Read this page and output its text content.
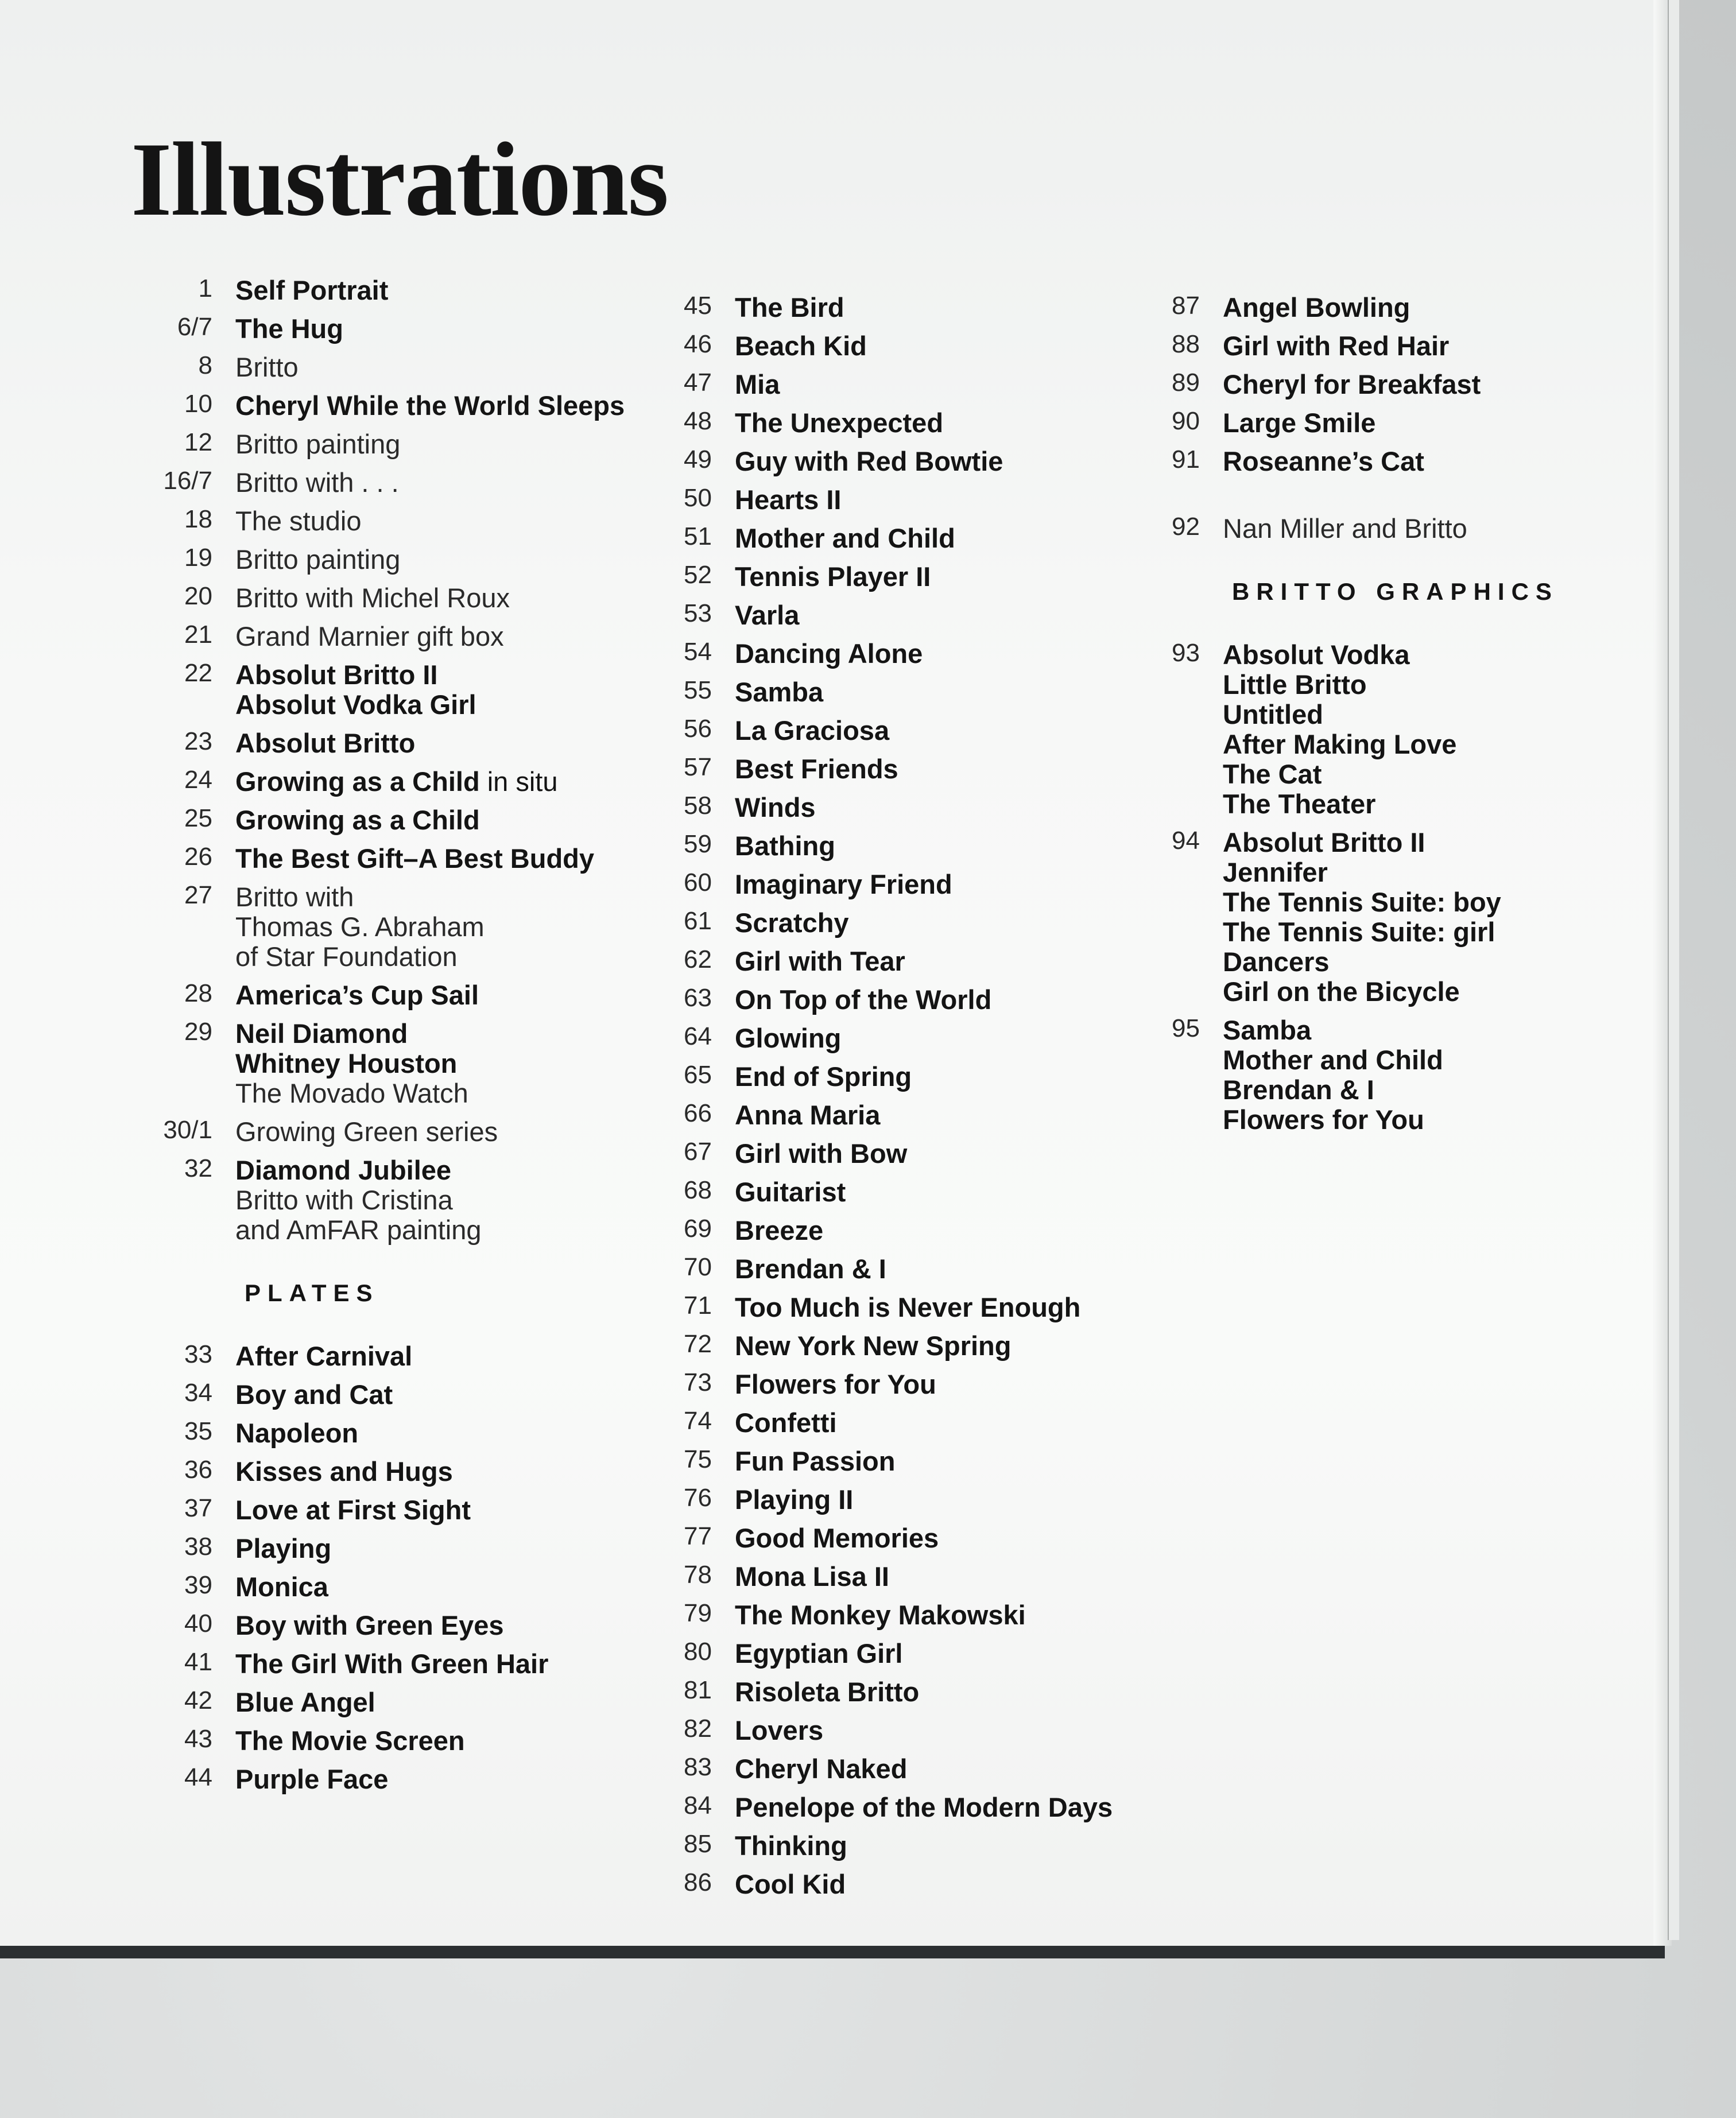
Illustrations
1 Self Portrait
6/7 The Hug
8 Britto
10 Cheryl While the World Sleeps
12 Britto painting
16/7 Britto with . . .
18 The studio
19 Britto painting
20 Britto with Michel Roux
21 Grand Marnier gift box
22 Absolut Britto II
Absolut Vodka Girl
23 Absolut Britto
24 Growing as a Child in situ
25 Growing as a Child
26 The Best Gift–A Best Buddy
27 Britto with
Thomas G. Abraham
of Star Foundation
28 America’s Cup Sail
29 Neil Diamond
Whitney Houston
The Movado Watch
30/1 Growing Green series
32 Diamond Jubilee
Britto with Cristina
and AmFAR painting
PLATES
33 After Carnival
34 Boy and Cat
35 Napoleon
36 Kisses and Hugs
37 Love at First Sight
38 Playing
39 Monica
40 Boy with Green Eyes
41 The Girl With Green Hair
42 Blue Angel
43 The Movie Screen
44 Purple Face
45 The Bird
46 Beach Kid
47 Mia
48 The Unexpected
49 Guy with Red Bowtie
50 Hearts II
51 Mother and Child
52 Tennis Player II
53 Varla
54 Dancing Alone
55 Samba
56 La Graciosa
57 Best Friends
58 Winds
59 Bathing
60 Imaginary Friend
61 Scratchy
62 Girl with Tear
63 On Top of the World
64 Glowing
65 End of Spring
66 Anna Maria
67 Girl with Bow
68 Guitarist
69 Breeze
70 Brendan & I
71 Too Much is Never Enough
72 New York New Spring
73 Flowers for You
74 Confetti
75 Fun Passion
76 Playing II
77 Good Memories
78 Mona Lisa II
79 The Monkey Makowski
80 Egyptian Girl
81 Risoleta Britto
82 Lovers
83 Cheryl Naked
84 Penelope of the Modern Days
85 Thinking
86 Cool Kid
87 Angel Bowling
88 Girl with Red Hair
89 Cheryl for Breakfast
90 Large Smile
91 Roseanne’s Cat
92 Nan Miller and Britto
BRITTO GRAPHICS
93 Absolut Vodka
Little Britto
Untitled
After Making Love
The Cat
The Theater
94 Absolut Britto II
Jennifer
The Tennis Suite: boy
The Tennis Suite: girl
Dancers
Girl on the Bicycle
95 Samba
Mother and Child
Brendan & I
Flowers for You
